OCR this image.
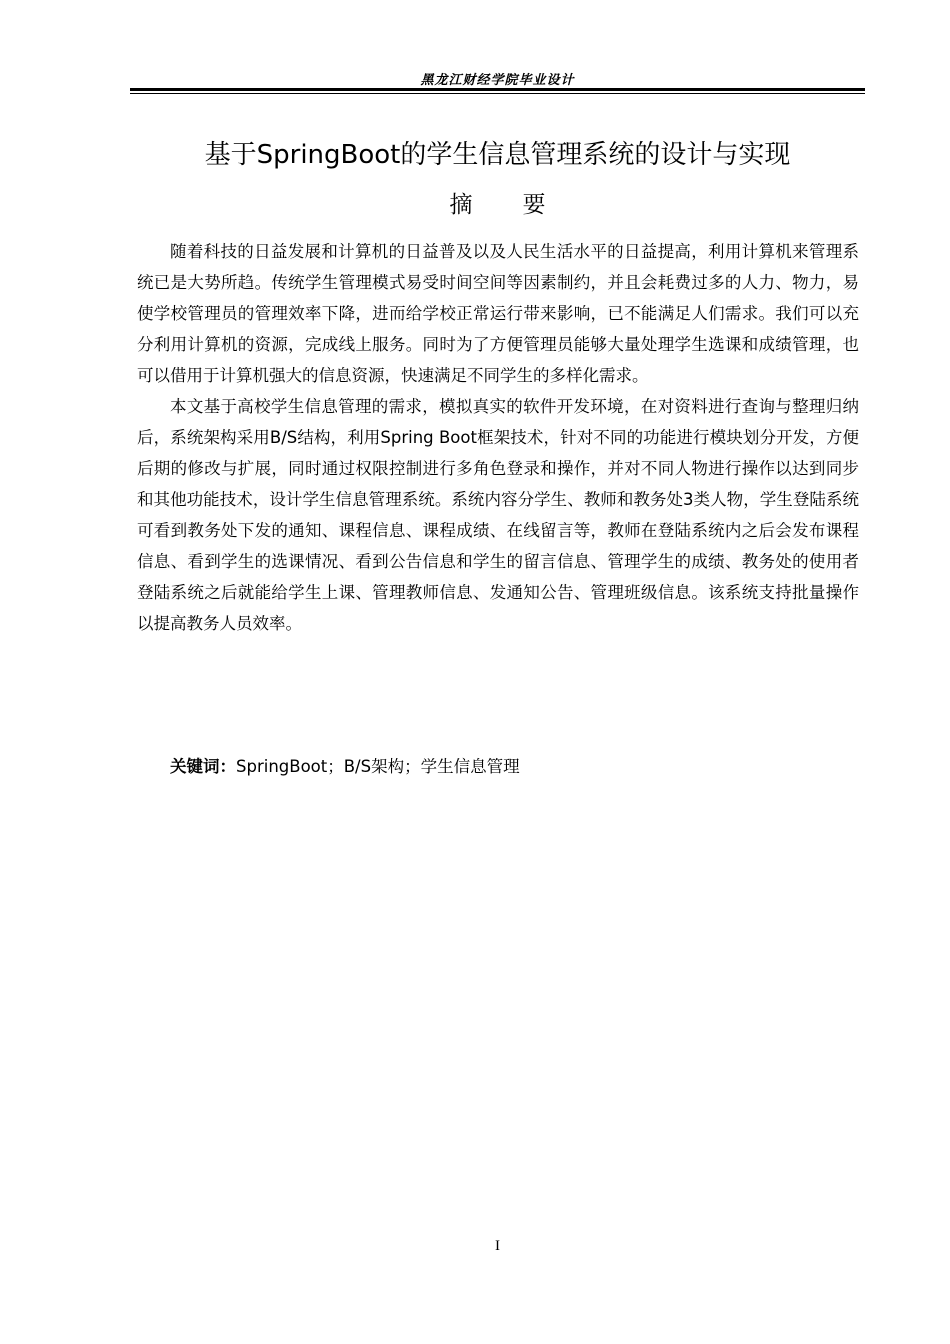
黑龙江财经学院毕业设计
基于SpringBoot的学生信息管理系统的设计与实现
摘 要

随着科技的日益发展和计算机的日益普及以及人民生活水平的日益提高，利用计算机来管理系统已是大势所趋。传统学生管理模式易受时间空间等因素制约，并且会耗费过多的人力、物力，易使学校管理员的管理效率下降，进而给学校正常运行带来影响，已不能满足人们需求。我们可以充分利用计算机的资源，完成线上服务。同时为了方便管理员能够大量处理学生选课和成绩管理，也可以借用于计算机强大的信息资源，快速满足不同学生的多样化需求。

本文基于高校学生信息管理的需求，模拟真实的软件开发环境，在对资料进行查询与整理归纳后，系统架构采用B/S结构，利用Spring Boot框架技术，针对不同的功能进行模块划分开发，方便后期的修改与扩展，同时通过权限控制进行多角色登录和操作，并对不同人物进行操作以达到同步和其他功能技术，设计学生信息管理系统。系统内容分学生、教师和教务处3类人物，学生登陆系统可看到教务处下发的通知、课程信息、课程成绩、在线留言等，教师在登陆系统内之后会发布课程信息、看到学生的选课情况、看到公告信息和学生的留言信息、管理学生的成绩、教务处的使用者登陆系统之后就能给学生上课、管理教师信息、发通知公告、管理班级信息。该系统支持批量操作以提高教务人员效率。

关键词：SpringBoot；B/S架构；学生信息管理
I
